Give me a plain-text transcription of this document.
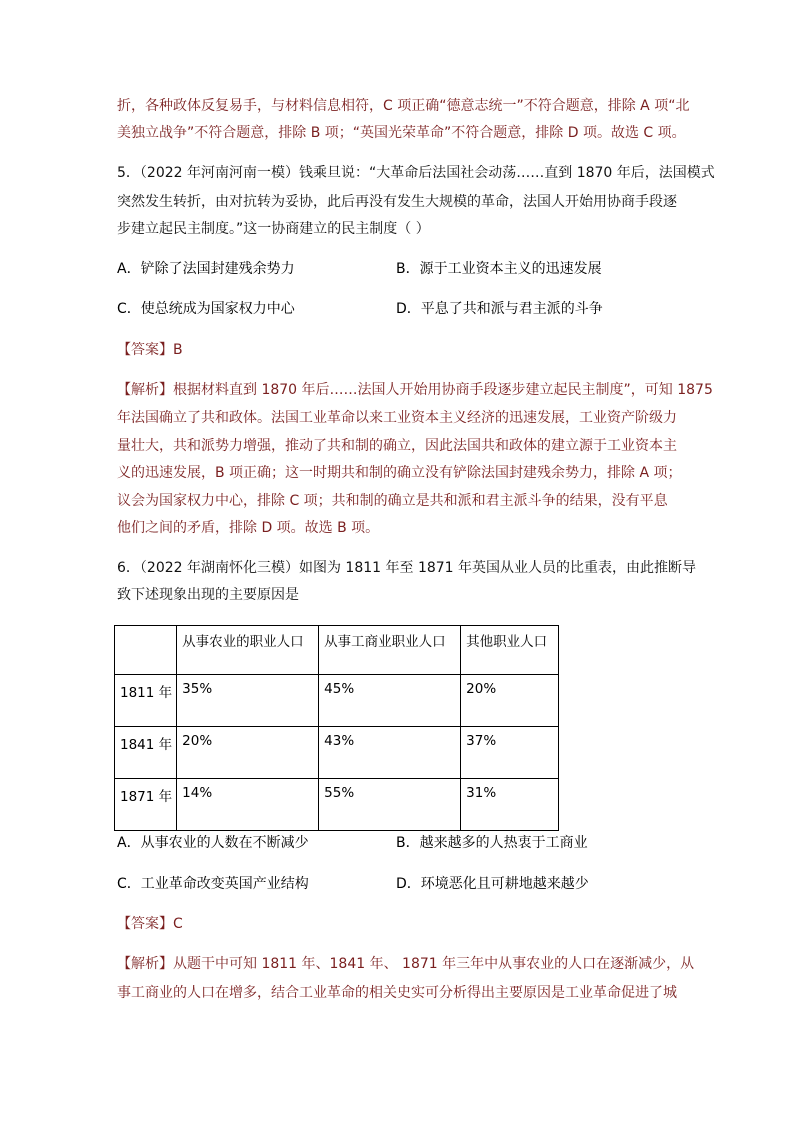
折，各种政体反复易手，与材料信息相符，C 项正确“德意志统一”不符合题意，排除 A 项“北
美独立战争”不符合题意，排除 B 项；“英国光荣革命”不符合题意，排除 D 项。故选 C 项。
5．（2022 年河南河南一模）钱乘旦说：“大革命后法国社会动荡……直到 1870 年后，法国模式
突然发生转折，由对抗转为妥协，此后再没有发生大规模的革命，法国人开始用协商手段逐
步建立起民主制度。”这一协商建立的民主制度（ ）
A．铲除了法国封建残余势力	B．源于工业资本主义的迅速发展
C．使总统成为国家权力中心	D．平息了共和派与君主派的斗争
【答案】B
【解析】根据材料直到 1870 年后……法国人开始用协商手段逐步建立起民主制度”，可知 1875
年法国确立了共和政体。法国工业革命以来工业资本主义经济的迅速发展，工业资产阶级力
量壮大，共和派势力增强，推动了共和制的确立，因此法国共和政体的建立源于工业资本主
义的迅速发展，B 项正确；这一时期共和制的确立没有铲除法国封建残余势力，排除 A 项；
议会为国家权力中心，排除 C 项；共和制的确立是共和派和君主派斗争的结果，没有平息
他们之间的矛盾，排除 D 项。故选 B 项。
6．（2022 年湖南怀化三模）如图为 1811 年至 1871 年英国从业人员的比重表，由此推断导
致下述现象出现的主要原因是
	从事农业的职业人口	从事工商业职业人口	其他职业人口
1811 年	35%	45%	20%
1841 年	20%	43%	37%
1871 年	14%	55%	31%
A．从事农业的人数在不断减少	B．越来越多的人热衷于工商业
C．工业革命改变英国产业结构	D．环境恶化且可耕地越来越少
【答案】C
【解析】从题干中可知 1811 年、1841 年、 1871 年三年中从事农业的人口在逐渐减少，从
事工商业的人口在增多，结合工业革命的相关史实可分析得出主要原因是工业革命促进了城
